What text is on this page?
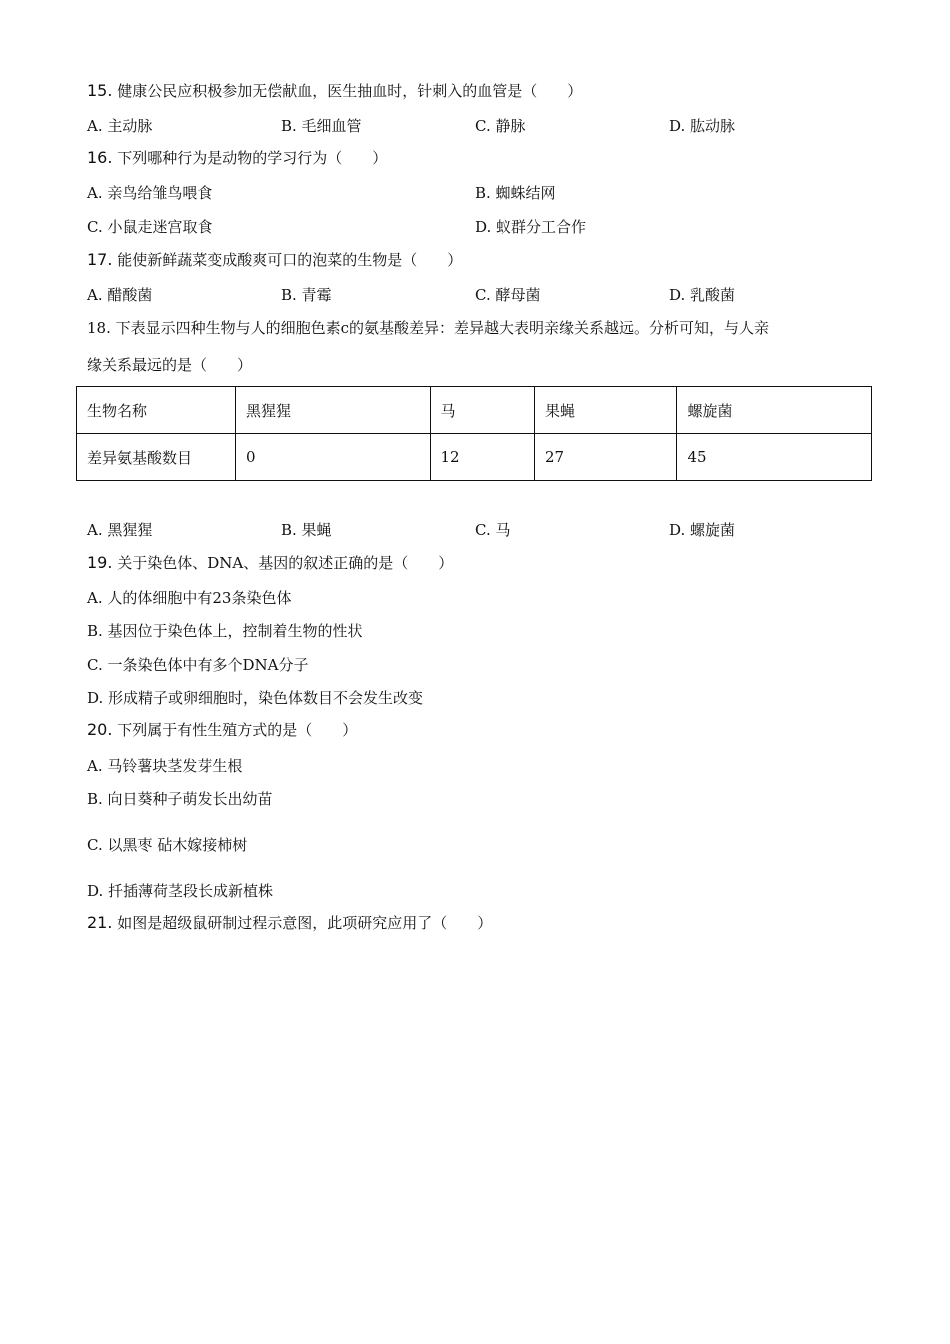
15. 健康公民应积极参加无偿献血，医生抽血时，针刺入的血管是（　　）
A. 主动脉	B. 毛细血管	C. 静脉	D. 肱动脉
16. 下列哪种行为是动物的学习行为（　　）
A. 亲鸟给雏鸟喂食	B. 蜘蛛结网
C. 小鼠走迷宫取食	D. 蚁群分工合作
17. 能使新鲜蔬菜变成酸爽可口的泡菜的生物是（　　）
A. 醋酸菌	B. 青霉	C. 酵母菌	D. 乳酸菌
18. 下表显示四种生物与人的细胞色素c的氨基酸差异：差异越大表明亲缘关系越远。分析可知，与人亲
缘关系最远的是（　　）
生物名称	黑猩猩	马	果蝇	螺旋菌
差异氨基酸数目	0	12	27	45
A. 黑猩猩	B. 果蝇	C. 马	D. 螺旋菌
19. 关于染色体、DNA、基因的叙述正确的是（　　）
A. 人的体细胞中有23条染色体
B. 基因位于染色体上，控制着生物的性状
C. 一条染色体中有多个DNA分子
D. 形成精子或卵细胞时，染色体数目不会发生改变
20. 下列属于有性生殖方式的是（　　）
A. 马铃薯块茎发芽生根
B. 向日葵种子萌发长出幼苗
C. 以黑枣 砧木嫁接柿树
D. 扦插薄荷茎段长成新植株
21. 如图是超级鼠研制过程示意图，此项研究应用了（　　）
